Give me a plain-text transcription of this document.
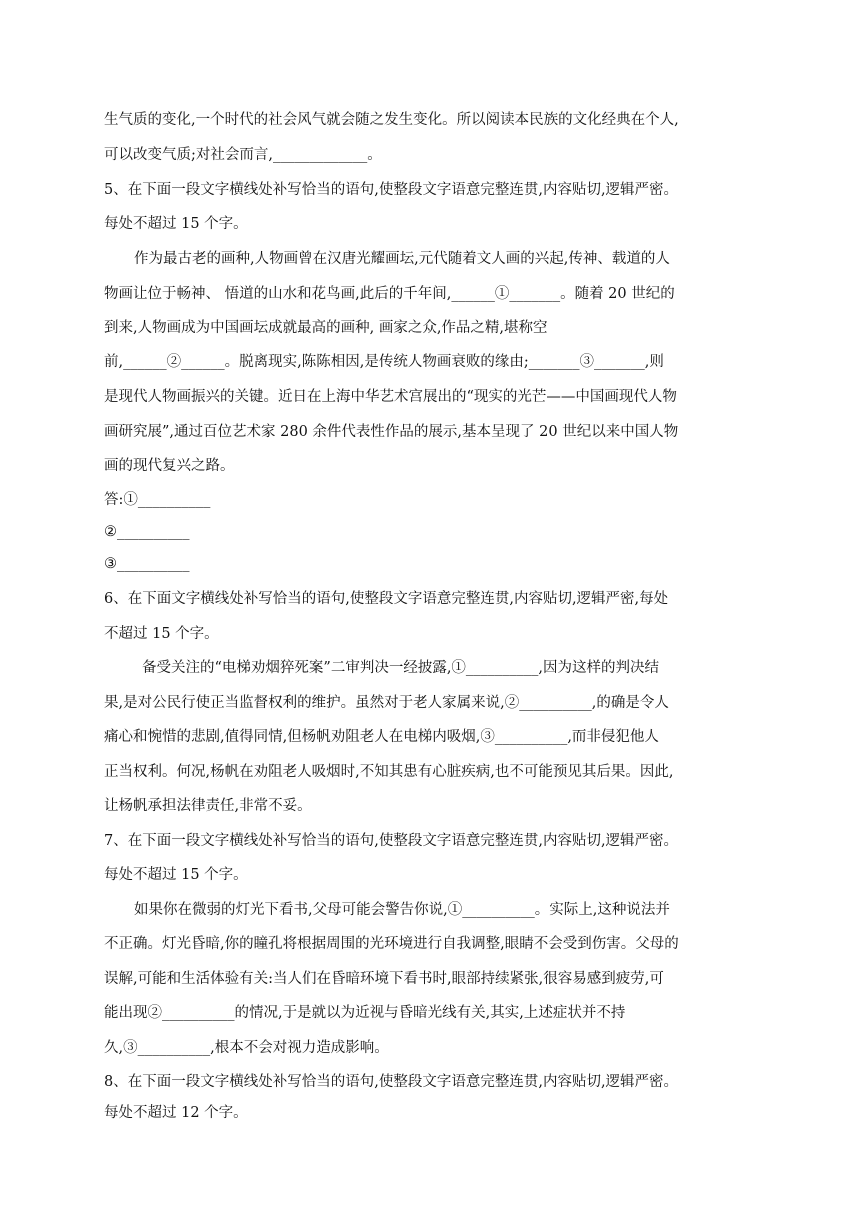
生气质的变化,一个时代的社会风气就会随之发生变化。所以阅读本民族的文化经典在个人,
可以改变气质;对社会而言,_____________。
5、在下面一段文字横线处补写恰当的语句,使整段文字语意完整连贯,内容贴切,逻辑严密。
每处不超过 15 个字。
作为最古老的画种,人物画曾在汉唐光耀画坛,元代随着文人画的兴起,传神、载道的人
物画让位于畅神、 悟道的山水和花鸟画,此后的千年间,______①_______。随着 20 世纪的
到来,人物画成为中国画坛成就最高的画种, 画家之众,作品之精,堪称空
前,______②______。脱离现实,陈陈相因,是传统人物画衰败的缘由;_______③_______,则
是现代人物画振兴的关键。近日在上海中华艺术宫展出的“现实的光芒——中国画现代人物
画研究展”,通过百位艺术家 280 余件代表性作品的展示,基本呈现了 20 世纪以来中国人物
画的现代复兴之路。
答:①__________
②__________
③__________
6、在下面文字横线处补写恰当的语句,使整段文字语意完整连贯,内容贴切,逻辑严密,每处
不超过 15 个字。
备受关注的“电梯劝烟猝死案”二审判决一经披露,①__________,因为这样的判决结
果,是对公民行使正当监督权利的维护。虽然对于老人家属来说,②__________,的确是令人
痛心和惋惜的悲剧,值得同情,但杨帆劝阻老人在电梯内吸烟,③__________,而非侵犯他人
正当权利。何况,杨帆在劝阻老人吸烟时,不知其患有心脏疾病,也不可能预见其后果。因此,
让杨帆承担法律责任,非常不妥。
7、在下面一段文字横线处补写恰当的语句,使整段文字语意完整连贯,内容贴切,逻辑严密。
每处不超过 15 个字。
如果你在微弱的灯光下看书,父母可能会警告你说,①__________。实际上,这种说法并
不正确。灯光昏暗,你的瞳孔将根据周围的光环境进行自我调整,眼睛不会受到伤害。父母的
误解,可能和生活体验有关:当人们在昏暗环境下看书时,眼部持续紧张,很容易感到疲劳,可
能出现②__________的情况,于是就以为近视与昏暗光线有关,其实,上述症状并不持
久,③__________,根本不会对视力造成影响。
8、在下面一段文字横线处补写恰当的语句,使整段文字语意完整连贯,内容贴切,逻辑严密。
每处不超过 12 个字。
